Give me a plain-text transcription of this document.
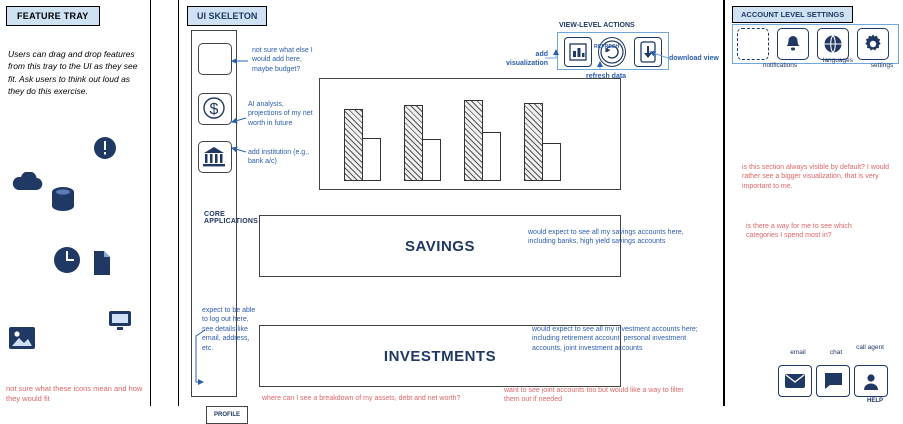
FEATURE TRAY
Users can drag and drop features from this tray to the UI as they see fit. Ask users to think out loud as they do this exercise.
not sure what these icons mean and how they would fit
UI SKELETON
$
CORE APPLICATIONS
PROFILE
VIEW-LEVEL ACTIONS
SAVINGS
INVESTMENTS
ACCOUNT LEVEL SETTINGS
notifications
languages
settings
is this section always visible by default? I would rather see a bigger visualization, that is very important to me.
is there a way for me to see which categories I spend most in?
email	chat
call agent
HELP
not sure what else I would add here, maybe budget?
AI analysis, projections of my net worth in future
add institution (e.g., bank a/c)
expect to be able to log out here, see details like email, address, etc.
would expect to see all my savings accounts here, including banks, high yield savings accounts
would expect to see all my investment accounts here; including retirement account, personal investment accounts, joint investment accounts
where can I see a breakdown of my assets, debt and net worth?
want to see joint accounts too but would like a way to filter them out if needed
add visualization
refresh data
download view
REFRESH
